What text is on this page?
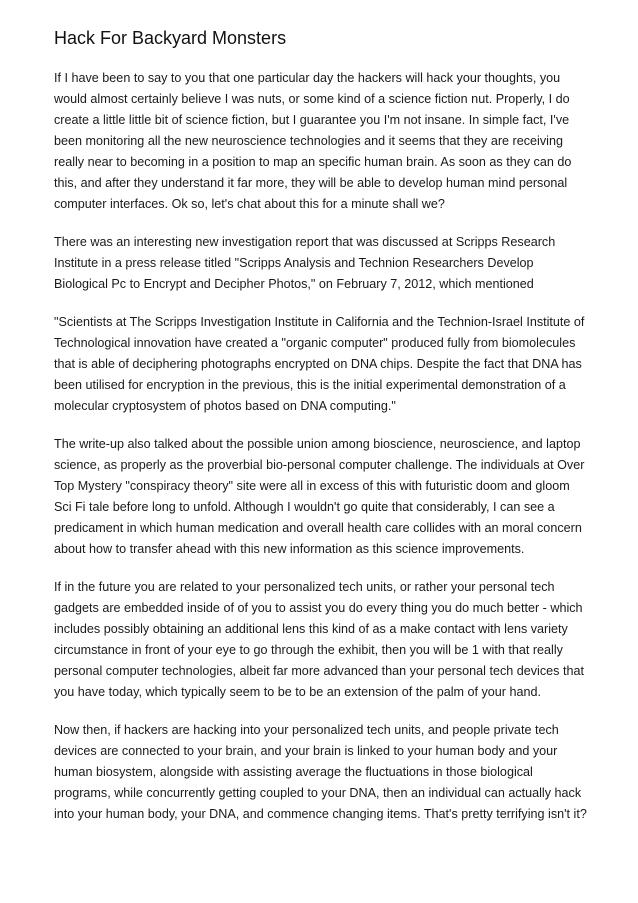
Hack For Backyard Monsters

If I have been to say to you that one particular day the hackers will hack your thoughts, you would almost certainly believe I was nuts, or some kind of a science fiction nut. Properly, I do create a little little bit of science fiction, but I guarantee you I'm not insane. In simple fact, I've been monitoring all the new neuroscience technologies and it seems that they are receiving really near to becoming in a position to map an specific human brain. As soon as they can do this, and after they understand it far more, they will be able to develop human mind personal computer interfaces. Ok so, let's chat about this for a minute shall we?

There was an interesting new investigation report that was discussed at Scripps Research Institute in a press release titled "Scripps Analysis and Technion Researchers Develop Biological Pc to Encrypt and Decipher Photos," on February 7, 2012, which mentioned

"Scientists at The Scripps Investigation Institute in California and the Technion-Israel Institute of Technological innovation have created a "organic computer" produced fully from biomolecules that is able of deciphering photographs encrypted on DNA chips. Despite the fact that DNA has been utilised for encryption in the previous, this is the initial experimental demonstration of a molecular cryptosystem of photos based on DNA computing."

The write-up also talked about the possible union among bioscience, neuroscience, and laptop science, as properly as the proverbial bio-personal computer challenge. The individuals at Over Top Mystery "conspiracy theory" site were all in excess of this with futuristic doom and gloom Sci Fi tale before long to unfold. Although I wouldn't go quite that considerably, I can see a predicament in which human medication and overall health care collides with an moral concern about how to transfer ahead with this new information as this science improvements.

If in the future you are related to your personalized tech units, or rather your personal tech gadgets are embedded inside of of you to assist you do every thing you do much better - which includes possibly obtaining an additional lens this kind of as a make contact with lens variety circumstance in front of your eye to go through the exhibit, then you will be 1 with that really personal computer technologies, albeit far more advanced than your personal tech devices that you have today, which typically seem to be to be an extension of the palm of your hand.

Now then, if hackers are hacking into your personalized tech units, and people private tech devices are connected to your brain, and your brain is linked to your human body and your human biosystem, alongside with assisting average the fluctuations in those biological programs, while concurrently getting coupled to your DNA, then an individual can actually hack into your human body, your DNA, and commence changing items. That's pretty terrifying isn't it?
